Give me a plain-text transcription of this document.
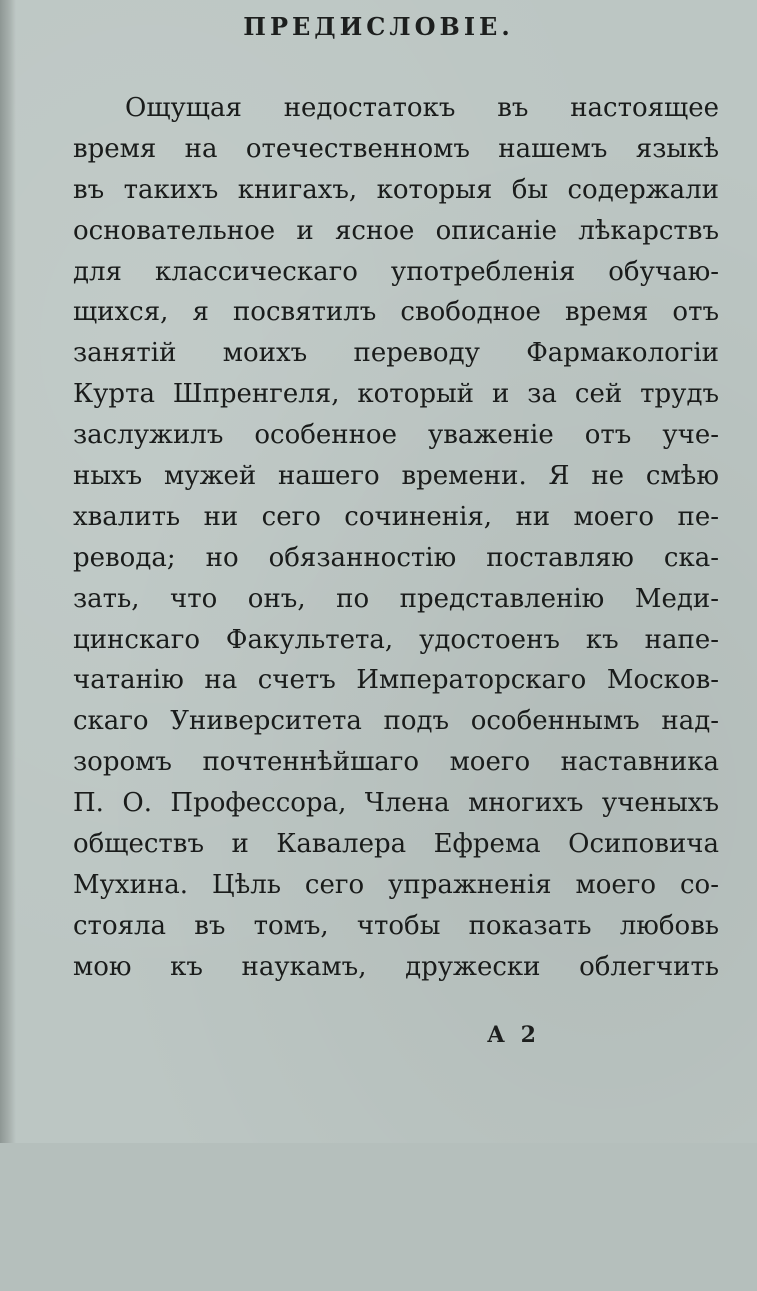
ПРЕДИСЛОВІЕ.
Ощущая недостатокъ въ настоящее
время на отечественномъ нашемъ языкѣ
въ такихъ книгахъ, которыя бы содержали
основательное и ясное описаніе лѣкарствъ
для классическаго употребленія обучаю-
щихся, я посвятилъ свободное время отъ
занятій моихъ переводу Фармакологіи
Курта Шпренгеля, который и за сей трудъ
заслужилъ особенное уваженіе отъ уче-
ныхъ мужей нашего времени. Я не смѣю
хвалить ни сего сочиненія, ни моего пе-
ревода; но обязанностію поставляю ска-
зать, что онъ, по представленію Меди-
цинскаго Факультета, удостоенъ къ напе-
чатанію на счетъ Императорскаго Москов-
скаго Университета подъ особеннымъ над-
зоромъ почтеннѣйшаго моего наставника
П. О. Профессора, Члена многихъ ученыхъ
обществъ и Кавалера Ефрема Осиповича
Мухина. Цѣль сего упражненія моего со-
стояла въ томъ, чтобы показать любовь
мою къ наукамъ, дружески облегчить

А 2
